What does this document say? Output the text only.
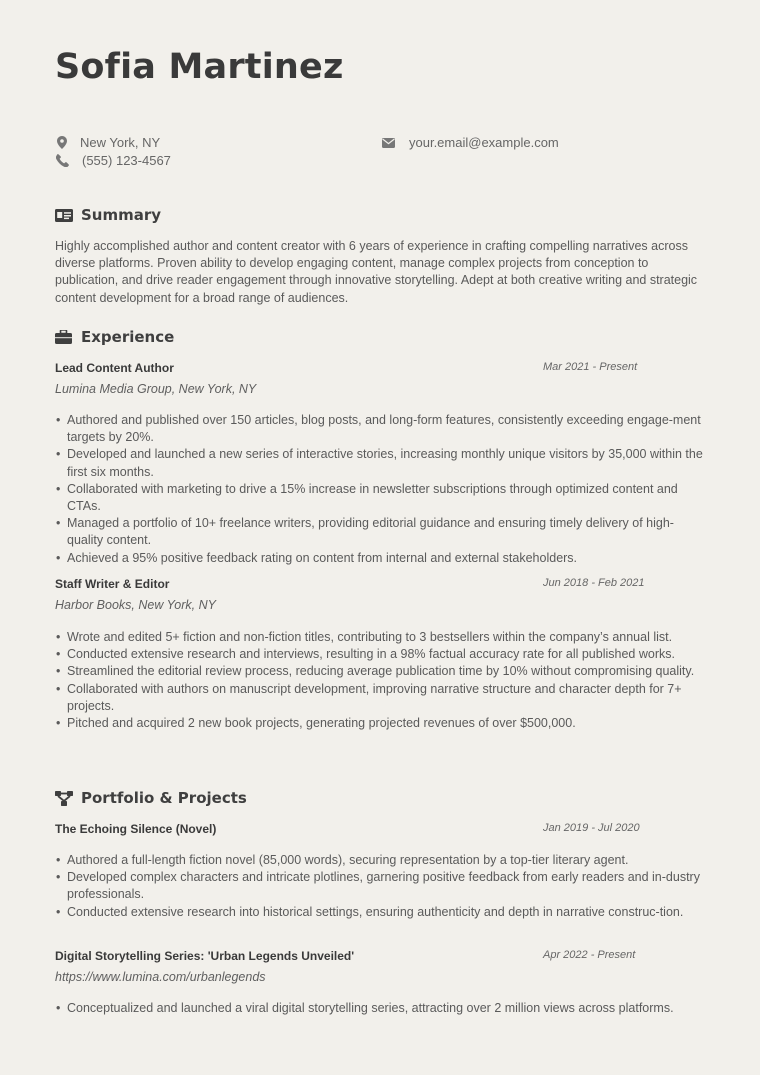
Sofia Martinez
New York, NY
(555) 123-4567
your.email@example.com
Summary

Highly accomplished author and content creator with 6 years of experience in crafting compelling narratives across diverse platforms. Proven ability to develop engaging content, manage complex projects from conception to publication, and drive reader engagement through innovative storytelling. Adept at both creative writing and strategic content development for a broad range of audiences.

Experience
Lead Content Author	Mar 2021 - Present
Lumina Media Group, New York, NY
• Authored and published over 150 articles, blog posts, and long-form features, consistently exceeding engage-ment targets by 20%.
• Developed and launched a new series of interactive stories, increasing monthly unique visitors by 35,000 within the first six months.
• Collaborated with marketing to drive a 15% increase in newsletter subscriptions through optimized content and CTAs.
• Managed a portfolio of 10+ freelance writers, providing editorial guidance and ensuring timely delivery of high-quality content.
• Achieved a 95% positive feedback rating on content from internal and external stakeholders.
Staff Writer & Editor	Jun 2018 - Feb 2021
Harbor Books, New York, NY
• Wrote and edited 5+ fiction and non-fiction titles, contributing to 3 bestsellers within the company’s annual list.
• Conducted extensive research and interviews, resulting in a 98% factual accuracy rate for all published works.
• Streamlined the editorial review process, reducing average publication time by 10% without compromising quality.
• Collaborated with authors on manuscript development, improving narrative structure and character depth for 7+ projects.
• Pitched and acquired 2 new book projects, generating projected revenues of over $500,000.
Portfolio & Projects
The Echoing Silence (Novel)	Jan 2019 - Jul 2020
• Authored a full-length fiction novel (85,000 words), securing representation by a top-tier literary agent.
• Developed complex characters and intricate plotlines, garnering positive feedback from early readers and in-dustry professionals.
• Conducted extensive research into historical settings, ensuring authenticity and depth in narrative construc-tion.
Digital Storytelling Series: 'Urban Legends Unveiled'	Apr 2022 - Present
https://www.lumina.com/urbanlegends
• Conceptualized and launched a viral digital storytelling series, attracting over 2 million views across platforms.
